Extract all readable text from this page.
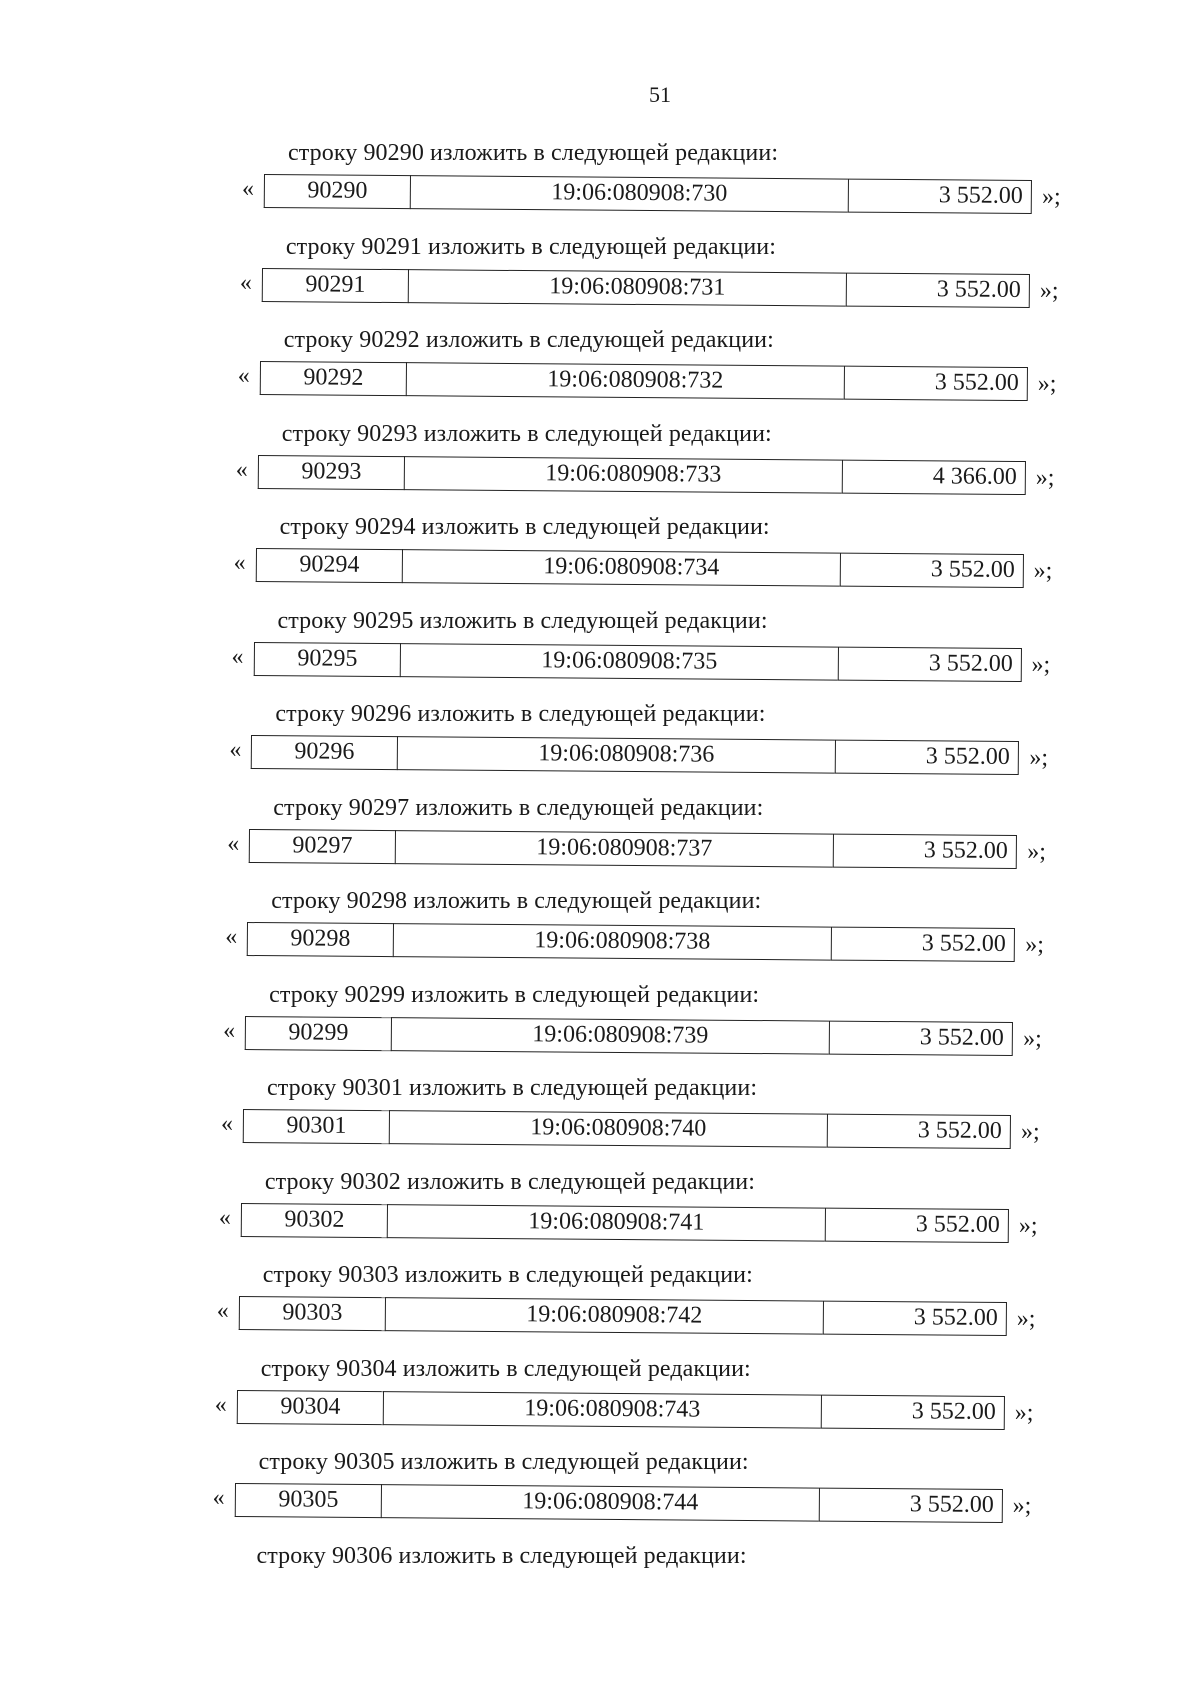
51
строку 90290 изложить в следующей редакции:
«	90290	19:06:080908:730	3 552.00 »;
строку 90291 изложить в следующей редакции:
«	90291	19:06:080908:731	3 552.00 »;
строку 90292 изложить в следующей редакции:
«	90292	19:06:080908:732	3 552.00 »;
строку 90293 изложить в следующей редакции:
«	90293	19:06:080908:733	4 366.00 »;
строку 90294 изложить в следующей редакции:
«	90294	19:06:080908:734	3 552.00 »;
строку 90295 изложить в следующей редакции:
«	90295	19:06:080908:735	3 552.00 »;
строку 90296 изложить в следующей редакции:
«	90296	19:06:080908:736	3 552.00 »;
строку 90297 изложить в следующей редакции:
«	90297	19:06:080908:737	3 552.00 »;
строку 90298 изложить в следующей редакции:
«	90298	19:06:080908:738	3 552.00 »;
строку 90299 изложить в следующей редакции:
«	90299	19:06:080908:739	3 552.00 »;
строку 90301 изложить в следующей редакции:
«	90301	19:06:080908:740	3 552.00 »;
строку 90302 изложить в следующей редакции:
«	90302	19:06:080908:741	3 552.00 »;
строку 90303 изложить в следующей редакции:
«	90303	19:06:080908:742	3 552.00 »;
строку 90304 изложить в следующей редакции:
«	90304	19:06:080908:743	3 552.00 »;
строку 90305 изложить в следующей редакции:
«	90305	19:06:080908:744	3 552.00 »;
строку 90306 изложить в следующей редакции:
